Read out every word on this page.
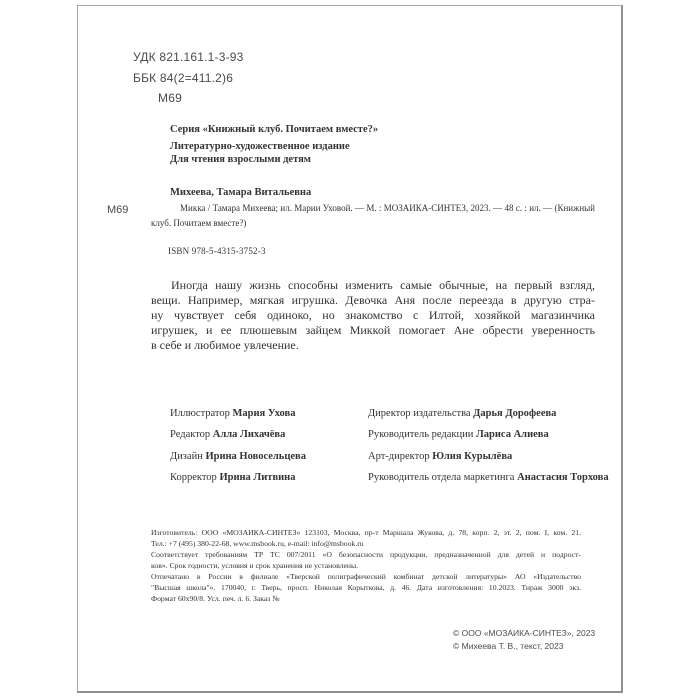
УДК 821.161.1-3-93
ББК 84(2=411.2)6
М69
Серия «Книжный клуб. Почитаем вместе?»
Литературно-художественное издание
Для чтения взрослыми детям
Михеева, Тамара Витальевна
М69	Микка / Тамара Михеева; ил. Марии Уховой. — М. : МОЗАИКА-СИНТЕЗ, 2023. — 48 с. : ил. — (Книжный
клуб. Почитаем вместе?)
ISBN 978-5-4315-3752-3
Иногда нашу жизнь способны изменить самые обычные, на первый взгляд,
вещи. Например, мягкая игрушка. Девочка Аня после переезда в другую стра-
ну чувствует себя одиноко, но знакомство с Илтой, хозяйкой магазинчика
игрушек, и ее плюшевым зайцем Миккой помогает Ане обрести уверенность
в себе и любимое увлечение.
Иллюстратор Мария Ухова
Редактор Алла Лихачёва
Дизайн Ирина Новосельцева
Корректор Ирина Литвина
Директор издательства Дарья Дорофеева
Руководитель редакции Лариса Алиева
Арт-директор Юлия Курылёва
Руководитель отдела маркетинга Анастасия Торхова
Изготовитель: ООО «МОЗАИКА-СИНТЕЗ» 123103, Москва, пр-т Маршала Жукова, д. 78, корп. 2, эт. 2, пом. I, ком. 21.
Тел.: +7 (495) 380-22-68, www.msbook.ru, e-mail: info@msbook.ru
Соответствует требованиям ТР ТС 007/2011 «О безопасности продукции, предназначенной для детей и подрост-
ков». Срок годности, условия и срок хранения не установлены.
Отпечатано в России в филиале «Тверской полиграфический комбинат детской литературы» АО «Издательство
"Высшая школа"». 170040, г. Тверь, просп. Николая Корыткова, д. 46. Дата изготовления: 10.2023. Тираж 3000 экз.
Формат 60x90/8. Усл. печ. л. 6. Заказ №
© ООО «МОЗАИКА-СИНТЕЗ», 2023
© Михеева Т. В., текст, 2023
